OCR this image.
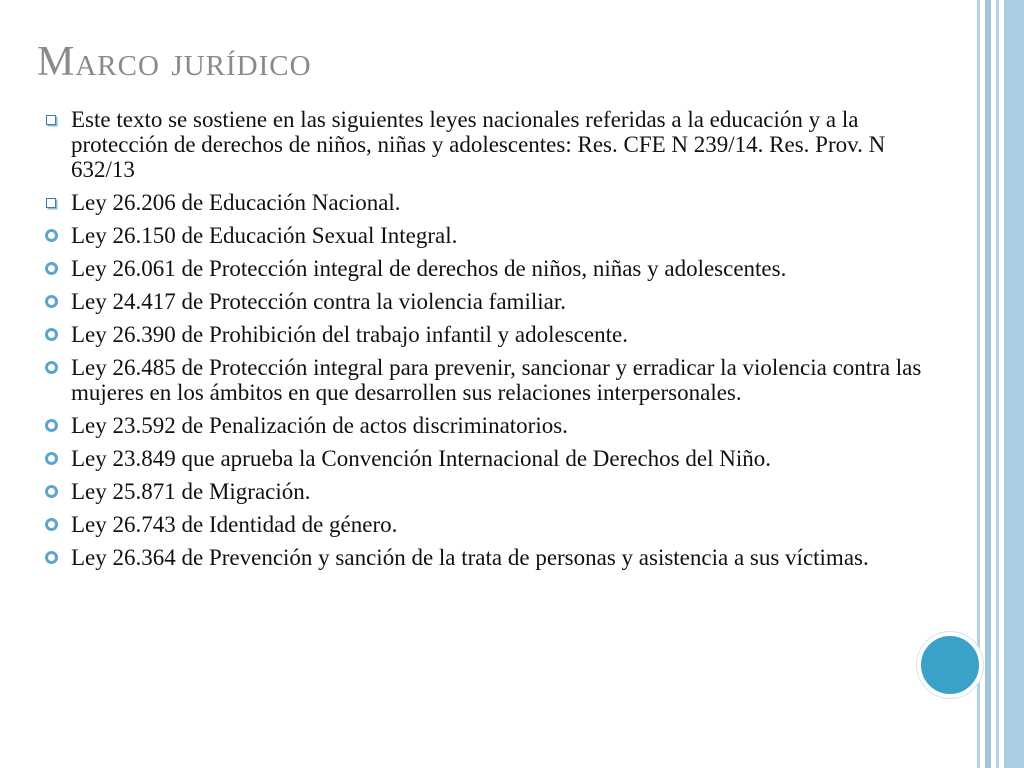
Marco jurídico
Este texto se sostiene en las siguientes leyes nacionales referidas a la educación y a la protección de derechos de niños, niñas y adolescentes: Res. CFE N 239/14. Res. Prov. N 632/13
Ley 26.206 de Educación Nacional.
Ley 26.150 de Educación Sexual Integral.
Ley 26.061 de Protección integral de derechos de niños, niñas y adolescentes.
Ley 24.417 de Protección contra la violencia familiar.
Ley 26.390 de Prohibición del trabajo infantil y adolescente.
Ley 26.485 de Protección integral para prevenir, sancionar y erradicar la violencia contra las mujeres en los ámbitos en que desarrollen sus relaciones interpersonales.
Ley 23.592 de Penalización de actos discriminatorios.
Ley 23.849 que aprueba la Convención Internacional de Derechos del Niño.
Ley 25.871 de Migración.
Ley 26.743 de Identidad de género.
Ley 26.364 de Prevención y sanción de la trata de personas y asistencia a sus víctimas.
